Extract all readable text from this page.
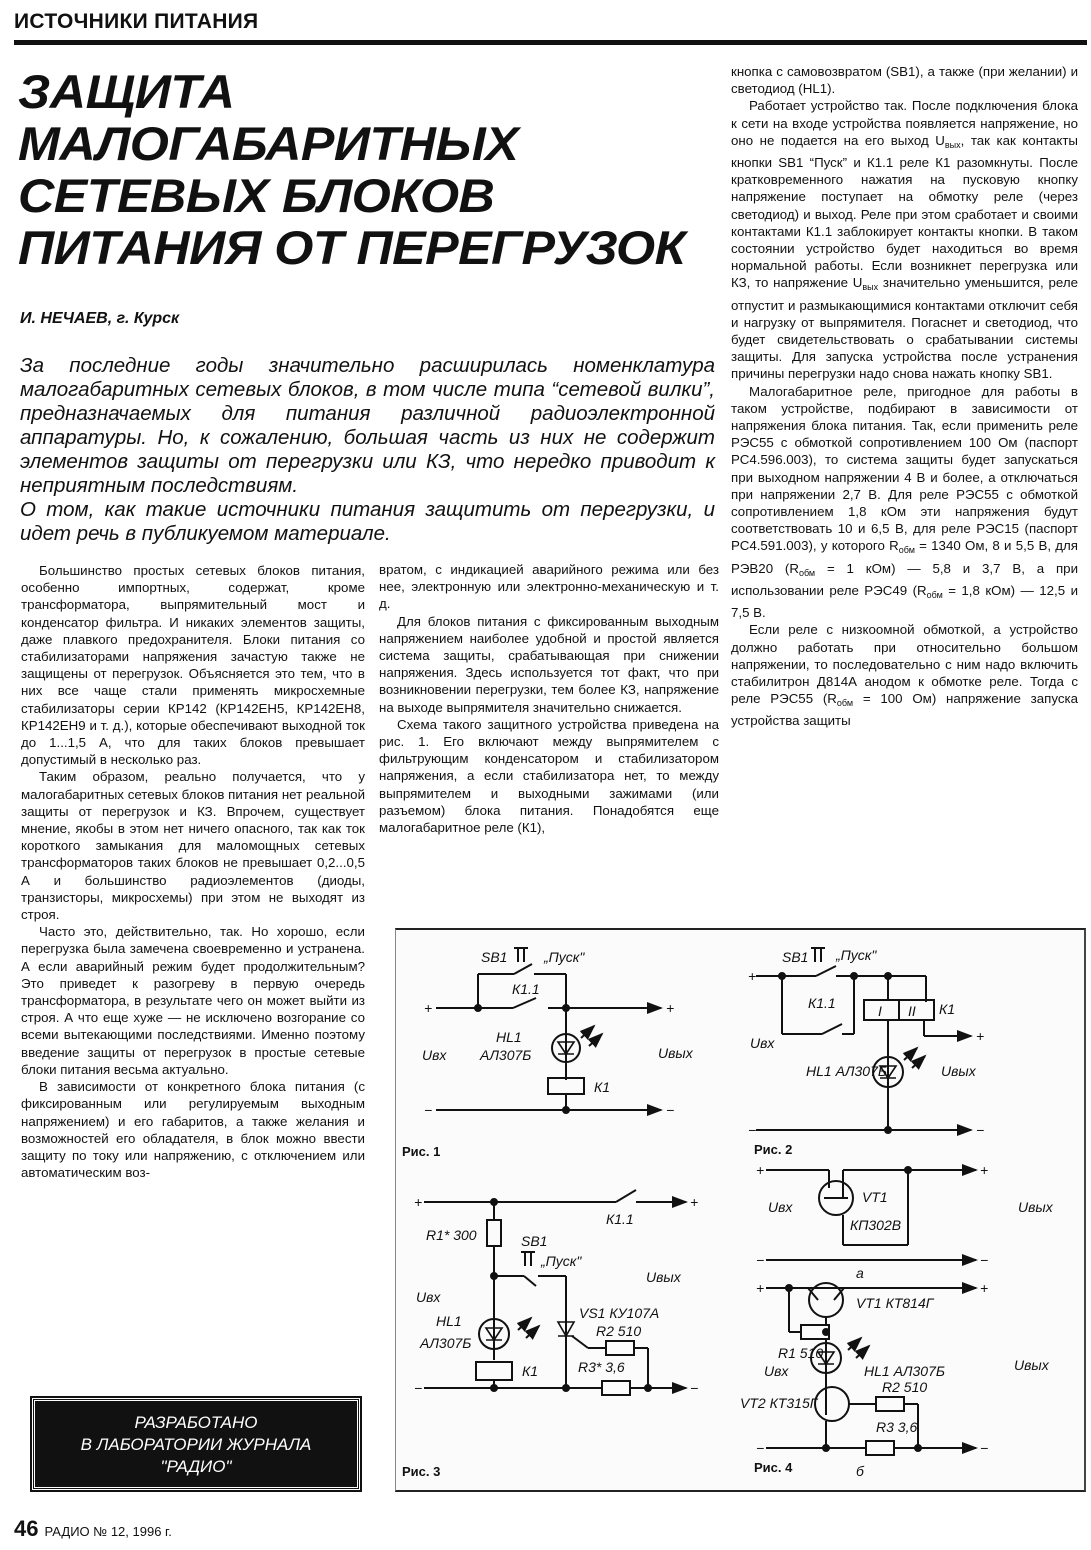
ИСТОЧНИКИ ПИТАНИЯ
ЗАЩИТА
МАЛОГАБАРИТНЫХ
СЕТЕВЫХ БЛОКОВ
ПИТАНИЯ ОТ ПЕРЕГРУЗОК
И. НЕЧАЕВ, г. Курск

За последние годы значительно расширилась номенклатура малогабаритных сетевых блоков, в том числе типа “сетевой вилки”, предназначаемых для питания различной радиоэлектронной аппаратуры. Но, к сожалению, большая часть из них не содержит элементов защиты от перегрузки или КЗ, что нередко приводит к неприятным последствиям.

О том, как такие источники питания защитить от перегрузки, и идет речь в публикуемом материале.

Большинство простых сетевых блоков питания, особенно импортных, содержат, кроме трансформатора, выпрямительный мост и конденсатор фильтра. И никаких элементов защиты, даже плавкого предохранителя. Блоки питания со стабилизаторами напряжения зачастую также не защищены от перегрузок. Объясняется это тем, что в них все чаще стали применять микросхемные стабилизаторы серии КР142 (КР142ЕН5, КР142ЕН8, КР142ЕН9 и т. д.), которые обеспечивают выходной ток до 1...1,5 А, что для таких блоков превышает допустимый в несколько раз.

Таким образом, реально получается, что у малогабаритных сетевых блоков питания нет реальной защиты от перегрузок и КЗ. Впрочем, существует мнение, якобы в этом нет ничего опасного, так как ток короткого замыкания для маломощных сетевых трансформаторов таких блоков не превышает 0,2...0,5 А и большинство радиоэлементов (диоды, транзисторы, микросхемы) при этом не выходят из строя.

Часто это, действительно, так. Но хорошо, если перегрузка была замечена своевременно и устранена. А если аварийный режим будет продолжительным? Это приведет к разогреву в первую очередь трансформатора, в результате чего он может выйти из строя. А что еще хуже — не исключено возгорание со всеми вытекающими последствиями. Именно поэтому введение защиты от перегрузок в простые сетевые блоки питания весьма актуально.

В зависимости от конкретного блока питания (с фиксированным или регулируемым выходным напряжением) и его габаритов, а также желания и возможностей его обладателя, в блок можно ввести защиту по току или напряжению, с отключением или автоматическим воз-

вратом, с индикацией аварийного режима или без нее, электронную или электронно-механическую и т. д.

Для блоков питания с фиксированным выходным напряжением наиболее удобной и простой является система защиты, срабатывающая при снижении напряжения. Здесь используется тот факт, что при возникновении перегрузки, тем более КЗ, напряжение на выходе выпрямителя значительно снижается.

Схема такого защитного устройства приведена на рис. 1. Его включают между выпрямителем с фильтрующим конденсатором и стабилизатором напряжения, а если стабилизатора нет, то между выпрямителем и выходными зажимами (или разъемом) блока питания. Понадобятся еще малогабаритное реле (К1),

кнопка с самовозвратом (SB1), а также (при желании) и светодиод (HL1).

Работает устройство так. После подключения блока к сети на входе устройства появляется напряжение, но оно не подается на его выход $U_{вых}$, так как контакты кнопки SB1 “Пуск” и К1.1 реле К1 разомкнуты. После кратковременного нажатия на пусковую кнопку напряжение поступает на обмотку реле (через светодиод) и выход. Реле при этом сработает и своими контактами К1.1 заблокирует контакты кнопки. В таком состоянии устройство будет находиться во время нормальной работы. Если возникнет перегрузка или КЗ, то напряжение $U_{вых}$ значительно уменьшится, реле отпустит и размыкающимися контактами отключит себя и нагрузку от выпрямителя. Погаснет и светодиод, что будет свидетельствовать о срабатывании системы защиты. Для запуска устройства после устранения причины перегрузки надо снова нажать кнопку SB1.

Малогабаритное реле, пригодное для работы в таком устройстве, подбирают в зависимости от напряжения блока питания. Так, если применить реле РЭС55 с обмоткой сопротивлением 100 Ом (паспорт РС4.596.003), то система защиты будет запускаться при выходном напряжении 4 В и более, а отключаться при напряжении 2,7 В. Для реле РЭС55 с обмоткой сопротивлением 1,8 кОм эти напряжения будут соответствовать 10 и 6,5 В, для реле РЭС15 (паспорт РС4.591.003), у которого $R_{обм} = 1340$ Ом, 8 и 5,5 В, для РЭВ20 ($R_{обм} = 1$ кОм) — 5,8 и 3,7 В, а при использовании реле РЭС49 ($R_{обм} = 1,8$ кОм) — 12,5 и 7,5 В.

Если реле с низкоомной обмоткой, а устройство должно работать при относительно большом напряжении, то последовательно с ним надо включить стабилитрон Д814А анодом к обмотке реле. Тогда с реле РЭС55 ($R_{обм} = 100$ Ом) напряжение запуска устройства защиты

SB1	„Пуск"
К1.1
HL1
АЛ307Б
К1
Uвх	Uвых
+	+
−	−
SB1 „Пуск"
К1.1	I II К1
HL1 АЛ307Б
Uвх
Uвых
+
+
−	−
R1* 300	SB1
„Пуск"
К1.1
Uвх
Uвых
HL1
АЛ307Б
К1
VS1 КУ107А
R2 510
R3* 3,6
+	+
−	−
VT1
КП302В
Uвх	Uвых
а
VT1 КТ814Г
R1 510
HL1 АЛ307Б
Uвх	Uвых
VT2 КТ315Г
R2 510
R3 3,6
б
+	+
−	−
+	+
−	−
Рис. 1	Рис. 2
Рис. 3	Рис. 4
РАЗРАБОТАНО
В ЛАБОРАТОРИИ ЖУРНАЛА
"РАДИО"
46 РАДИО № 12, 1996 г.
